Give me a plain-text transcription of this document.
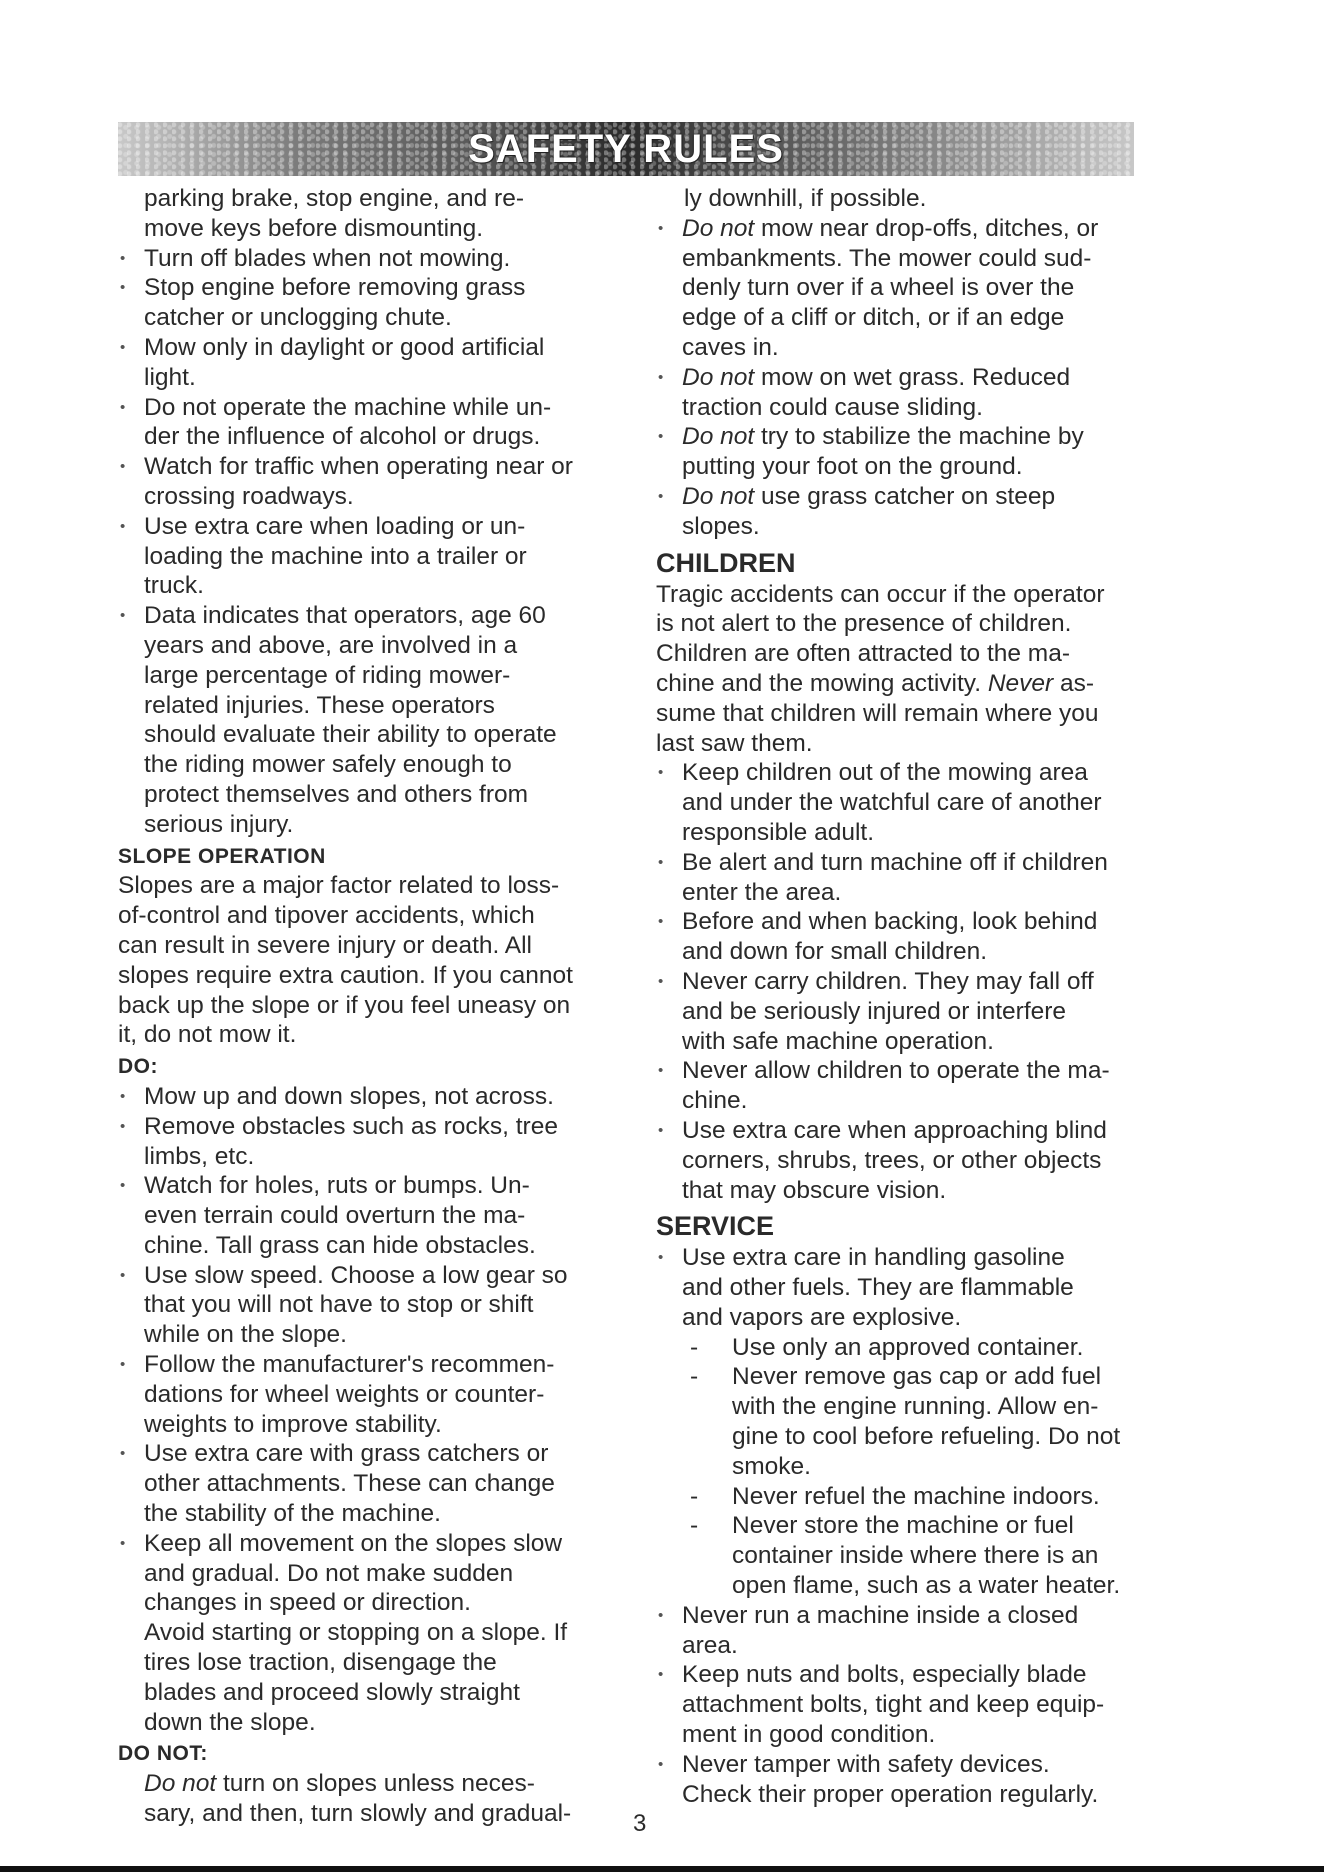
SAFETY RULES
parking brake, stop engine, and re-
move keys before dismounting.
• Turn off blades when not mowing.
• Stop engine before removing grass
catcher or unclogging chute.
• Mow only in daylight or good artificial
light.
• Do not operate the machine while un-
der the influence of alcohol or drugs.
• Watch for traffic when operating near or
crossing roadways.
• Use extra care when loading or un-
loading the machine into a trailer or
truck.
• Data indicates that operators, age 60
years and above, are involved in a
large percentage of riding mower-
related injuries. These operators
should evaluate their ability to operate
the riding mower safely enough to
protect themselves and others from
serious injury.
SLOPE OPERATION
Slopes are a major factor related to loss-
of-control and tipover accidents, which
can result in severe injury or death. All
slopes require extra caution. If you cannot
back up the slope or if you feel uneasy on
it, do not mow it.
DO:
• Mow up and down slopes, not across.
• Remove obstacles such as rocks, tree
limbs, etc.
• Watch for holes, ruts or bumps. Un-
even terrain could overturn the ma-
chine. Tall grass can hide obstacles.
• Use slow speed. Choose a low gear so
that you will not have to stop or shift
while on the slope.
• Follow the manufacturer's recommen-
dations for wheel weights or counter-
weights to improve stability.
• Use extra care with grass catchers or
other attachments. These can change
the stability of the machine.
• Keep all movement on the slopes slow
and gradual. Do not make sudden
changes in speed or direction.
Avoid starting or stopping on a slope. If
tires lose traction, disengage the
blades and proceed slowly straight
down the slope.
DO NOT:
Do not turn on slopes unless neces-
sary, and then, turn slowly and gradual-
ly downhill, if possible.
• Do not mow near drop-offs, ditches, or
embankments. The mower could sud-
denly turn over if a wheel is over the
edge of a cliff or ditch, or if an edge
caves in.
• Do not mow on wet grass. Reduced
traction could cause sliding.
• Do not try to stabilize the machine by
putting your foot on the ground.
• Do not use grass catcher on steep
slopes.
CHILDREN
Tragic accidents can occur if the operator
is not alert to the presence of children.
Children are often attracted to the ma-
chine and the mowing activity. Never as-
sume that children will remain where you
last saw them.
• Keep children out of the mowing area
and under the watchful care of another
responsible adult.
• Be alert and turn machine off if children
enter the area.
• Before and when backing, look behind
and down for small children.
• Never carry children. They may fall off
and be seriously injured or interfere
with safe machine operation.
• Never allow children to operate the ma-
chine.
• Use extra care when approaching blind
corners, shrubs, trees, or other objects
that may obscure vision.
SERVICE
• Use extra care in handling gasoline
and other fuels. They are flammable
and vapors are explosive.
- Use only an approved container.
- Never remove gas cap or add fuel
with the engine running. Allow en-
gine to cool before refueling. Do not
smoke.
- Never refuel the machine indoors.
- Never store the machine or fuel
container inside where there is an
open flame, such as a water heater.
• Never run a machine inside a closed
area.
• Keep nuts and bolts, especially blade
attachment bolts, tight and keep equip-
ment in good condition.
• Never tamper with safety devices.
Check their proper operation regularly.
3
